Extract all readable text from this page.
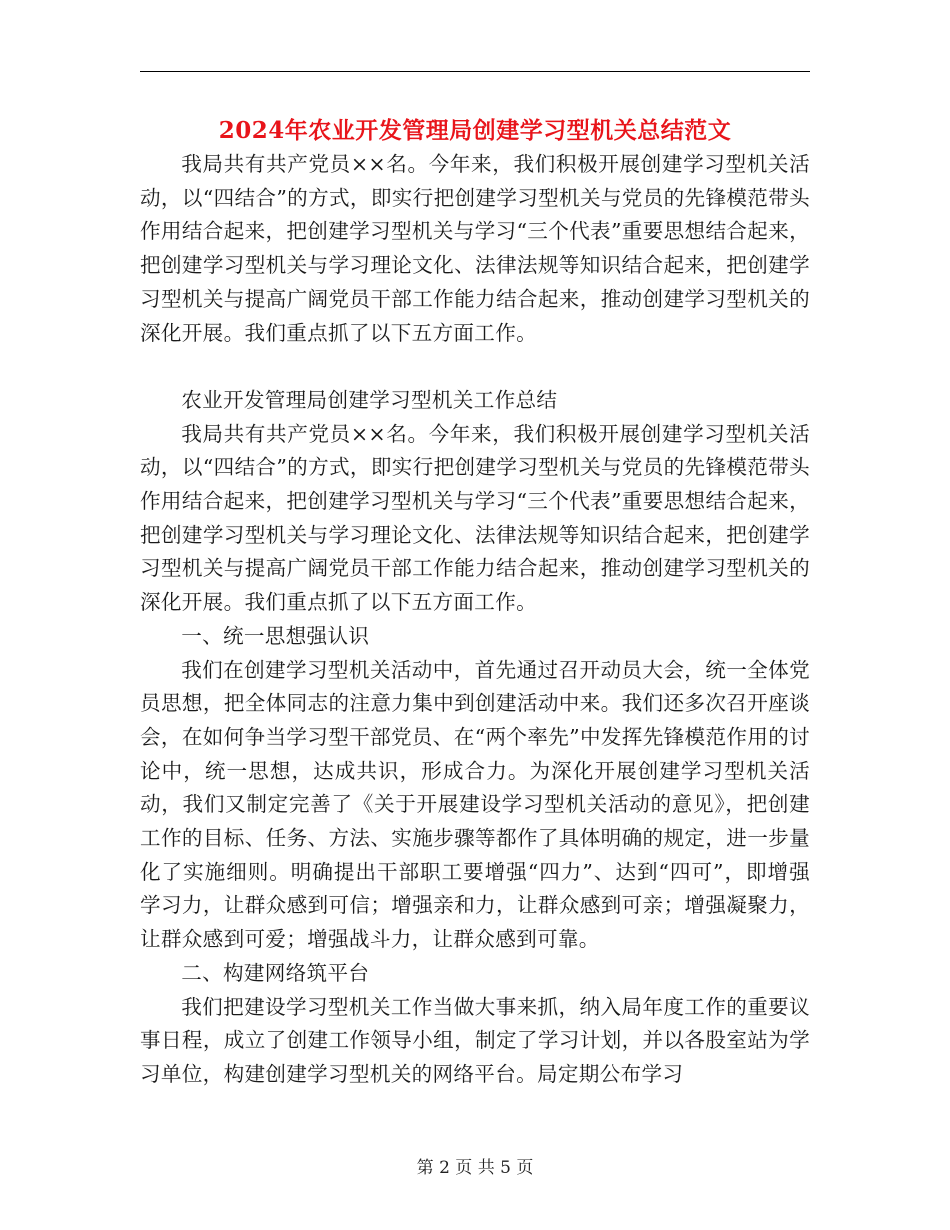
2024年农业开发管理局创建学习型机关总结范文

我局共有共产党员××名。今年来，我们积极开展创建学习型机关活动，以“四结合”的方式，即实行把创建学习型机关与党员的先锋模范带头作用结合起来，把创建学习型机关与学习“三个代表”重要思想结合起来，把创建学习型机关与学习理论文化、法律法规等知识结合起来，把创建学习型机关与提高广阔党员干部工作能力结合起来，推动创建学习型机关的深化开展。我们重点抓了以下五方面工作。

农业开发管理局创建学习型机关工作总结

我局共有共产党员××名。今年来，我们积极开展创建学习型机关活动，以“四结合”的方式，即实行把创建学习型机关与党员的先锋模范带头作用结合起来，把创建学习型机关与学习“三个代表”重要思想结合起来，把创建学习型机关与学习理论文化、法律法规等知识结合起来，把创建学习型机关与提高广阔党员干部工作能力结合起来，推动创建学习型机关的深化开展。我们重点抓了以下五方面工作。

一、统一思想强认识

我们在创建学习型机关活动中，首先通过召开动员大会，统一全体党员思想，把全体同志的注意力集中到创建活动中来。我们还多次召开座谈会，在如何争当学习型干部党员、在“两个率先”中发挥先锋模范作用的讨论中，统一思想，达成共识，形成合力。为深化开展创建学习型机关活动，我们又制定完善了《关于开展建设学习型机关活动的意见》，把创建工作的目标、任务、方法、实施步骤等都作了具体明确的规定，进一步量化了实施细则。明确提出干部职工要增强“四力”、达到“四可”，即增强学习力，让群众感到可信；增强亲和力，让群众感到可亲；增强凝聚力，让群众感到可爱；增强战斗力，让群众感到可靠。

二、构建网络筑平台

我们把建设学习型机关工作当做大事来抓，纳入局年度工作的重要议事日程，成立了创建工作领导小组，制定了学习计划，并以各股室站为学习单位，构建创建学习型机关的网络平台。局定期公布学习

第 2 页 共 5 页
